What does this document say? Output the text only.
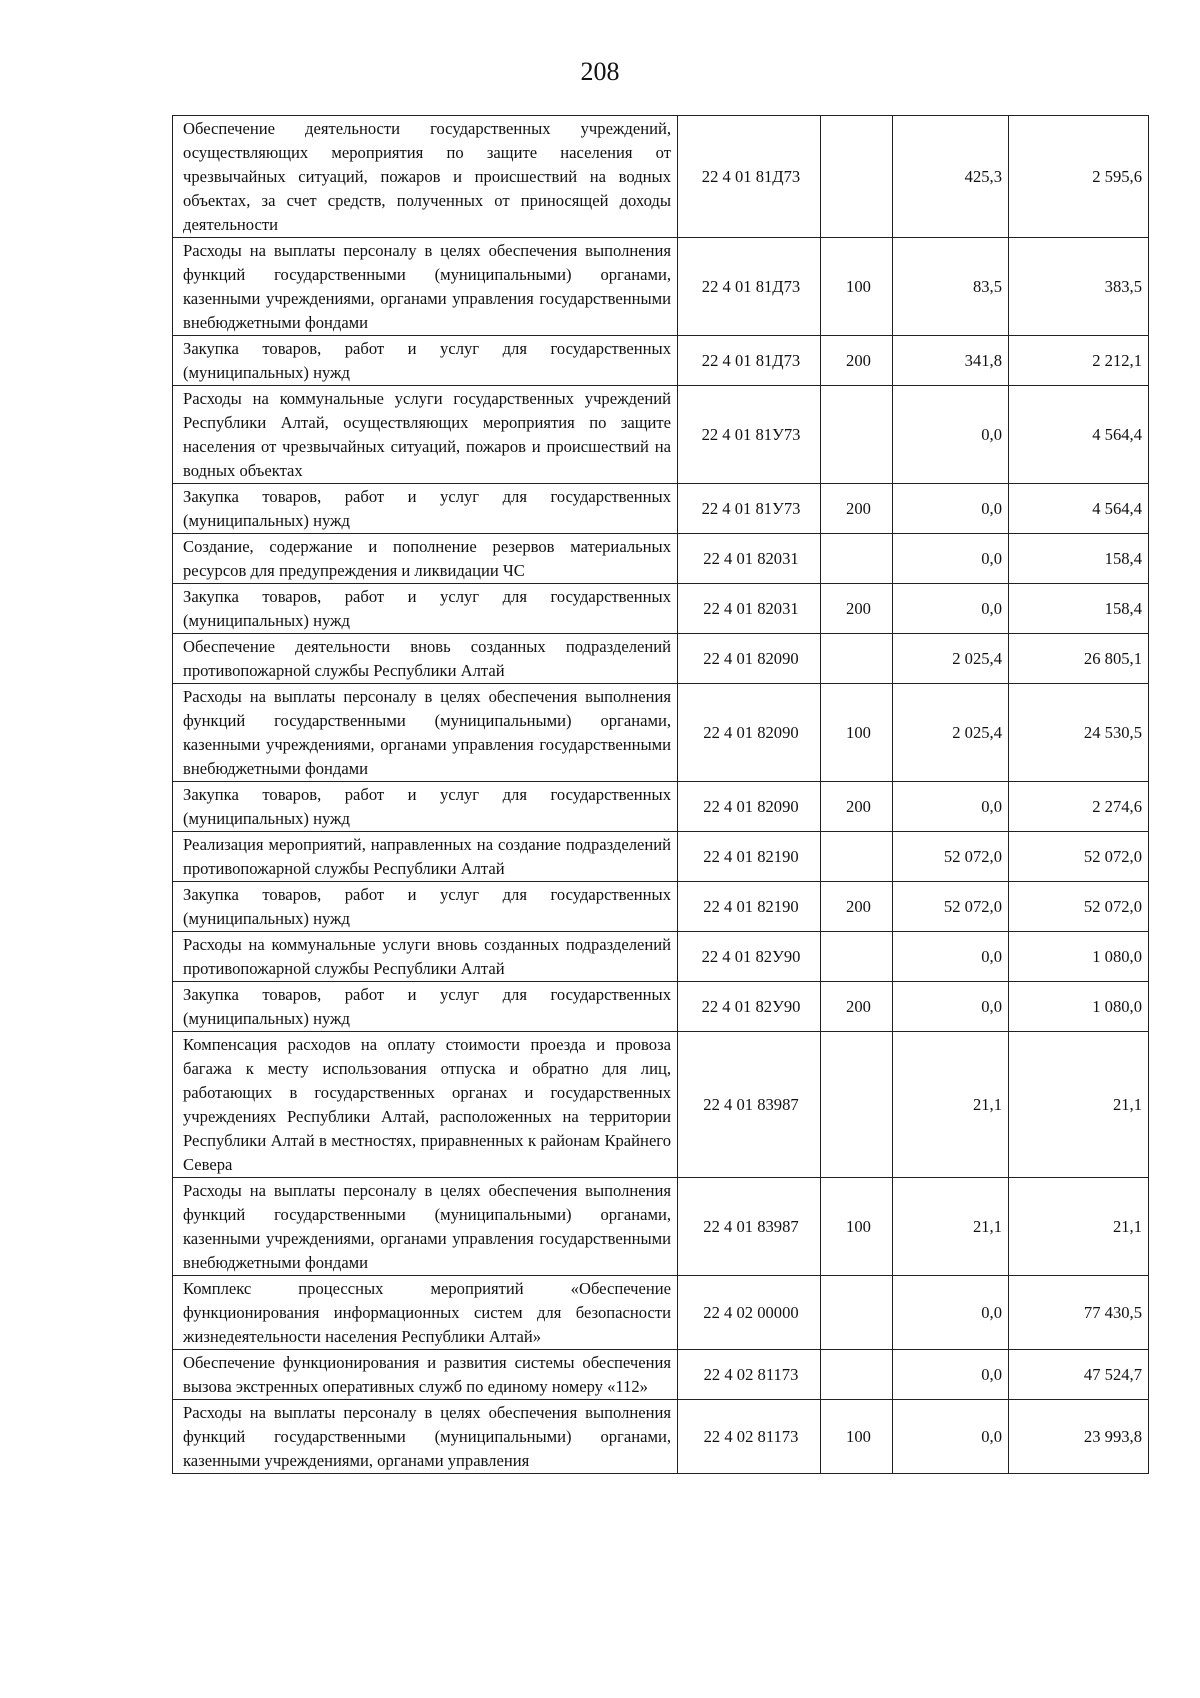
208
Обеспечение деятельности государственных учреждений, осуществляющих мероприятия по защите населения от чрезвычайных ситуаций, пожаров и происшествий на водных объектах, за счет средств, полученных от приносящей доходы деятельности	22 4 01 81Д73		425,3	2 595,6
Расходы на выплаты персоналу в целях обеспечения выполнения функций государственными (муниципальными) органами, казенными учреждениями, органами управления государственными внебюджетными фондами	22 4 01 81Д73	100	83,5	383,5
Закупка товаров, работ и услуг для государственных (муниципальных) нужд	22 4 01 81Д73	200	341,8	2 212,1
Расходы на коммунальные услуги государственных учреждений Республики Алтай, осуществляющих мероприятия по защите населения от чрезвычайных ситуаций, пожаров и происшествий на водных объектах	22 4 01 81У73		0,0	4 564,4
Закупка товаров, работ и услуг для государственных (муниципальных) нужд	22 4 01 81У73	200	0,0	4 564,4
Создание, содержание и пополнение резервов материальных ресурсов для предупреждения и ликвидации ЧС	22 4 01 82031		0,0	158,4
Закупка товаров, работ и услуг для государственных (муниципальных) нужд	22 4 01 82031	200	0,0	158,4
Обеспечение деятельности вновь созданных подразделений противопожарной службы Республики Алтай	22 4 01 82090		2 025,4	26 805,1
Расходы на выплаты персоналу в целях обеспечения выполнения функций государственными (муниципальными) органами, казенными учреждениями, органами управления государственными внебюджетными фондами	22 4 01 82090	100	2 025,4	24 530,5
Закупка товаров, работ и услуг для государственных (муниципальных) нужд	22 4 01 82090	200	0,0	2 274,6
Реализация мероприятий, направленных на создание подразделений противопожарной службы Республики Алтай	22 4 01 82190		52 072,0	52 072,0
Закупка товаров, работ и услуг для государственных (муниципальных) нужд	22 4 01 82190	200	52 072,0	52 072,0
Расходы на коммунальные услуги вновь созданных подразделений противопожарной службы Республики Алтай	22 4 01 82У90		0,0	1 080,0
Закупка товаров, работ и услуг для государственных (муниципальных) нужд	22 4 01 82У90	200	0,0	1 080,0
Компенсация расходов на оплату стоимости проезда и провоза багажа к месту использования отпуска и обратно для лиц, работающих в государственных органах и государственных учреждениях Республики Алтай, расположенных на территории Республики Алтай в местностях, приравненных к районам Крайнего Севера	22 4 01 83987		21,1	21,1
Расходы на выплаты персоналу в целях обеспечения выполнения функций государственными (муниципальными) органами, казенными учреждениями, органами управления государственными внебюджетными фондами	22 4 01 83987	100	21,1	21,1
Комплекс процессных мероприятий «Обеспечение функционирования информационных систем для безопасности жизнедеятельности населения Республики Алтай»	22 4 02 00000		0,0	77 430,5
Обеспечение функционирования и развития системы обеспечения вызова экстренных оперативных служб по единому номеру «112»	22 4 02 81173		0,0	47 524,7
Расходы на выплаты персоналу в целях обеспечения выполнения функций государственными (муниципальными) органами, казенными учреждениями, органами управления	22 4 02 81173	100	0,0	23 993,8
